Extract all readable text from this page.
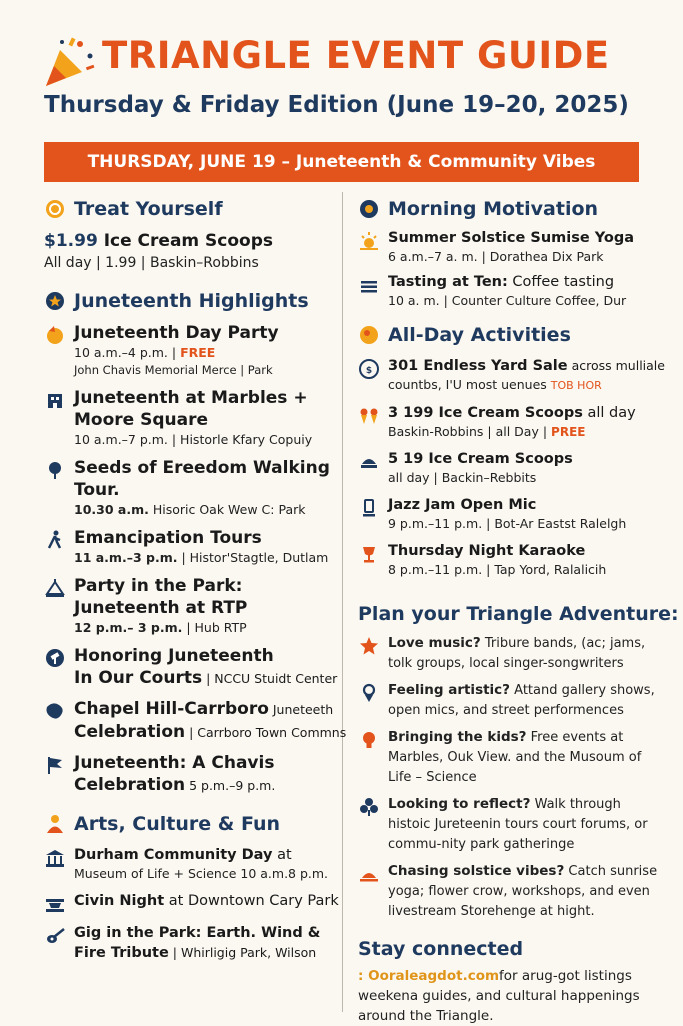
TRIANGLE EVENT GUIDE
Thursday & Friday Edition (June 19–20, 2025)
THURSDAY, JUNE 19 – Juneteenth & Community Vibes
Treat Yourself
$1.99 Ice Cream Scoops
All day | 1.99 | Baskin–Robbins
Juneteenth Highlights
Juneteenth Day Party
10 a.m.–4 p.m. | FREE
John Chavis Memorial Merce | Park
Juneteenth at Marbles + Moore Square
10 a.m.–7 p.m. | Historle Kfary Copuiy
Seeds of Ereedom Walking Tour.
10.30 a.m. Hisoric Oak Wew C: Park
Emancipation Tours
11 a.m.–3 p.m. | Histor'Stagtle, Dutlam
Party in the Park: Juneteenth at RTP
12 p.m.– 3 p.m. | Hub RTP
Honoring Juneteenth
In Our Courts | NCCU Stuidt Center
Chapel Hill-Carrboro Juneteeth
Celebration | Carrboro Town Commns
Juneteenth: A Chavis
Celebration 5 p.m.–9 p.m.
Arts, Culture & Fun
Durham Community Day at
Museum of Life + Science 10 a.m.8 p.m.
Civin Night at Downtown Cary Park
Gig in the Park: Earth. Wind &
Fire Tribute | Whirligig Park, Wilson
Morning Motivation
Summer Solstice Sumise Yoga
6 a.m.–7 a. m. | Dorathea Dix Park
Tasting at Ten: Coffee tasting
10 a. m. | Counter Culture Coffee, Dur
All-Day Activities
$ 301 Endless Yard Sale across mulliale
countbs, I'U most uenues TOB HOR
3 199 Ice Cream Scoops all day
Baskin-Robbins | all Day | PREE
5 19 Ice Cream Scoops
all day | Backin–Rebbits
Jazz Jam Open Mic
9 p.m.–11 p.m. | Bot-Ar Eastst Ralelgh
Thursday Night Karaoke
8 p.m.–11 p.m. | Tap Yord, Ralalicih
Plan your Triangle Adventure:
Love music? Tribure bands, (ac; jams, tolk groups, local singer-songwriters
Feeling artistic? Attand gallery shows, open mics, and street performences
Bringing the kids? Free events at Marbles, Ouk View. and the Musoum of Life – Science
Looking to reflect? Walk through histoic Jureteenin tours court forums, or commu-nity park gatheringe
Chasing solstice vibes? Catch sunrise yoga; flower crow, workshops, and even livestream Storehenge at hight.
Stay connected
: Ooraleagdot.comfor arug-got listings weekena guides, and cultural happenings around the Triangle.
